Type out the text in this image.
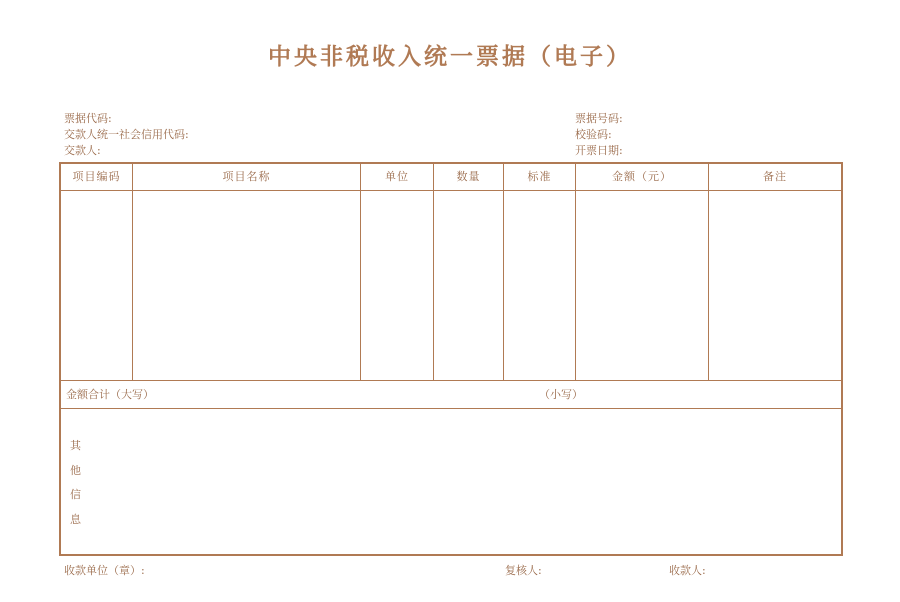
中央非税收入统一票据（电子）
票据代码:
交款人统一社会信用代码:
交款人:
票据号码:
校验码:
开票日期:
项目编码	项目名称	单位	数量	标准	金额（元）	备注
金额合计（大写）	（小写）
其
他
信
息
收款单位（章）:	复核人:	收款人:
